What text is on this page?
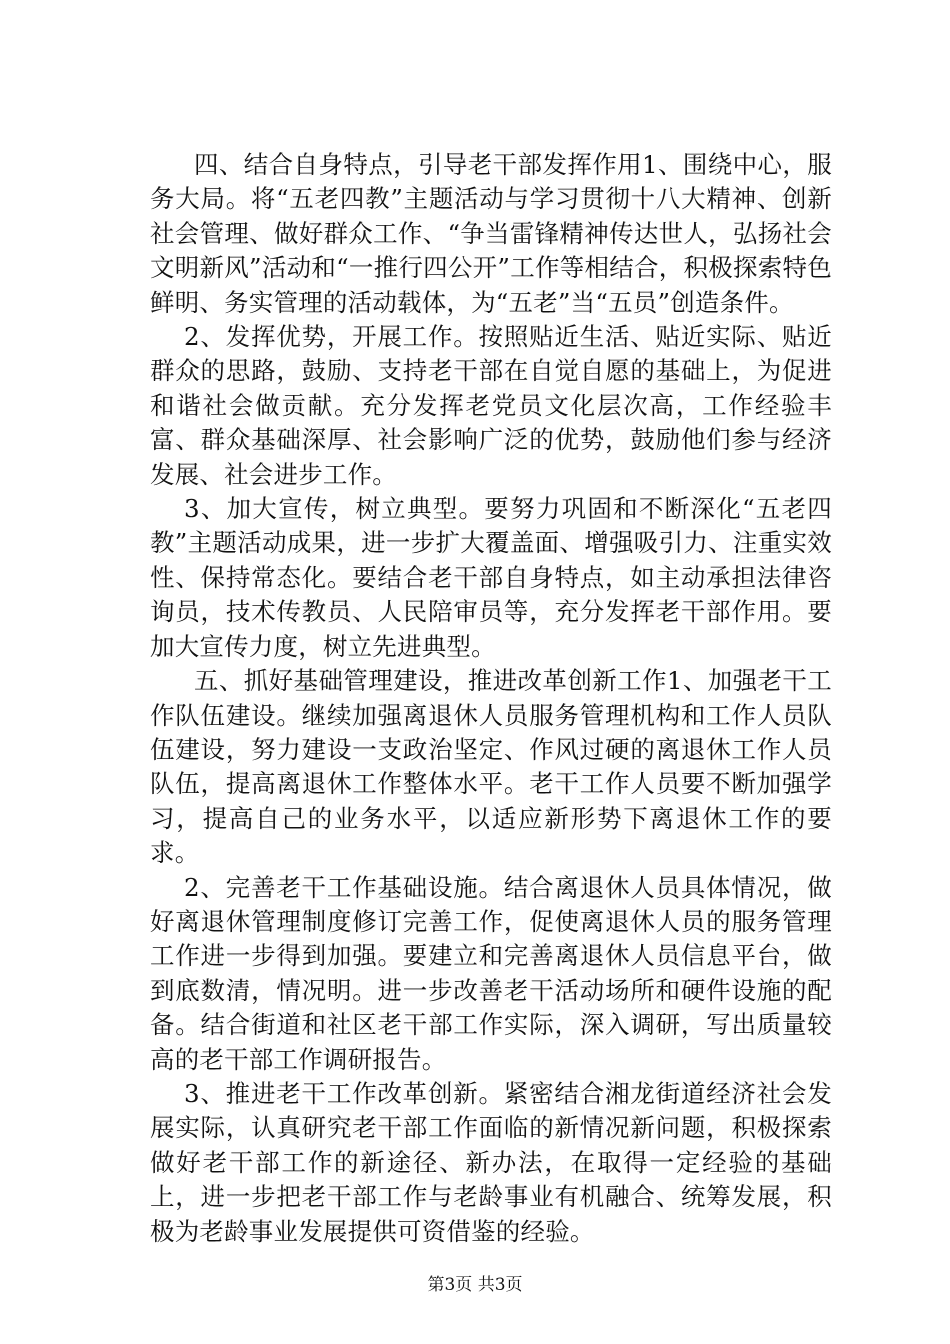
四、结合自身特点，引导老干部发挥作用1、围绕中心，服务大局。将“五老四教”主题活动与学习贯彻十八大精神、创新社会管理、做好群众工作、“争当雷锋精神传达世人，弘扬社会文明新风”活动和“一推行四公开”工作等相结合，积极探索特色鲜明、务实管理的活动载体，为“五老”当“五员”创造条件。

2、发挥优势，开展工作。按照贴近生活、贴近实际、贴近群众的思路，鼓励、支持老干部在自觉自愿的基础上，为促进和谐社会做贡献。充分发挥老党员文化层次高，工作经验丰富、群众基础深厚、社会影响广泛的优势，鼓励他们参与经济发展、社会进步工作。

3、加大宣传，树立典型。要努力巩固和不断深化“五老四教”主题活动成果，进一步扩大覆盖面、增强吸引力、注重实效性、保持常态化。要结合老干部自身特点，如主动承担法律咨询员，技术传教员、人民陪审员等，充分发挥老干部作用。要加大宣传力度，树立先进典型。

五、抓好基础管理建设，推进改革创新工作1、加强老干工作队伍建设。继续加强离退休人员服务管理机构和工作人员队伍建设，努力建设一支政治坚定、作风过硬的离退休工作人员队伍，提高离退休工作整体水平。老干工作人员要不断加强学习，提高自己的业务水平，以适应新形势下离退休工作的要求。

2、完善老干工作基础设施。结合离退休人员具体情况，做好离退休管理制度修订完善工作，促使离退休人员的服务管理工作进一步得到加强。要建立和完善离退休人员信息平台，做到底数清，情况明。进一步改善老干活动场所和硬件设施的配备。结合街道和社区老干部工作实际，深入调研，写出质量较高的老干部工作调研报告。

3、推进老干工作改革创新。紧密结合湘龙街道经济社会发展实际，认真研究老干部工作面临的新情况新问题，积极探索做好老干部工作的新途径、新办法，在取得一定经验的基础上，进一步把老干部工作与老龄事业有机融合、统筹发展，积极为老龄事业发展提供可资借鉴的经验。

第3页 共3页
